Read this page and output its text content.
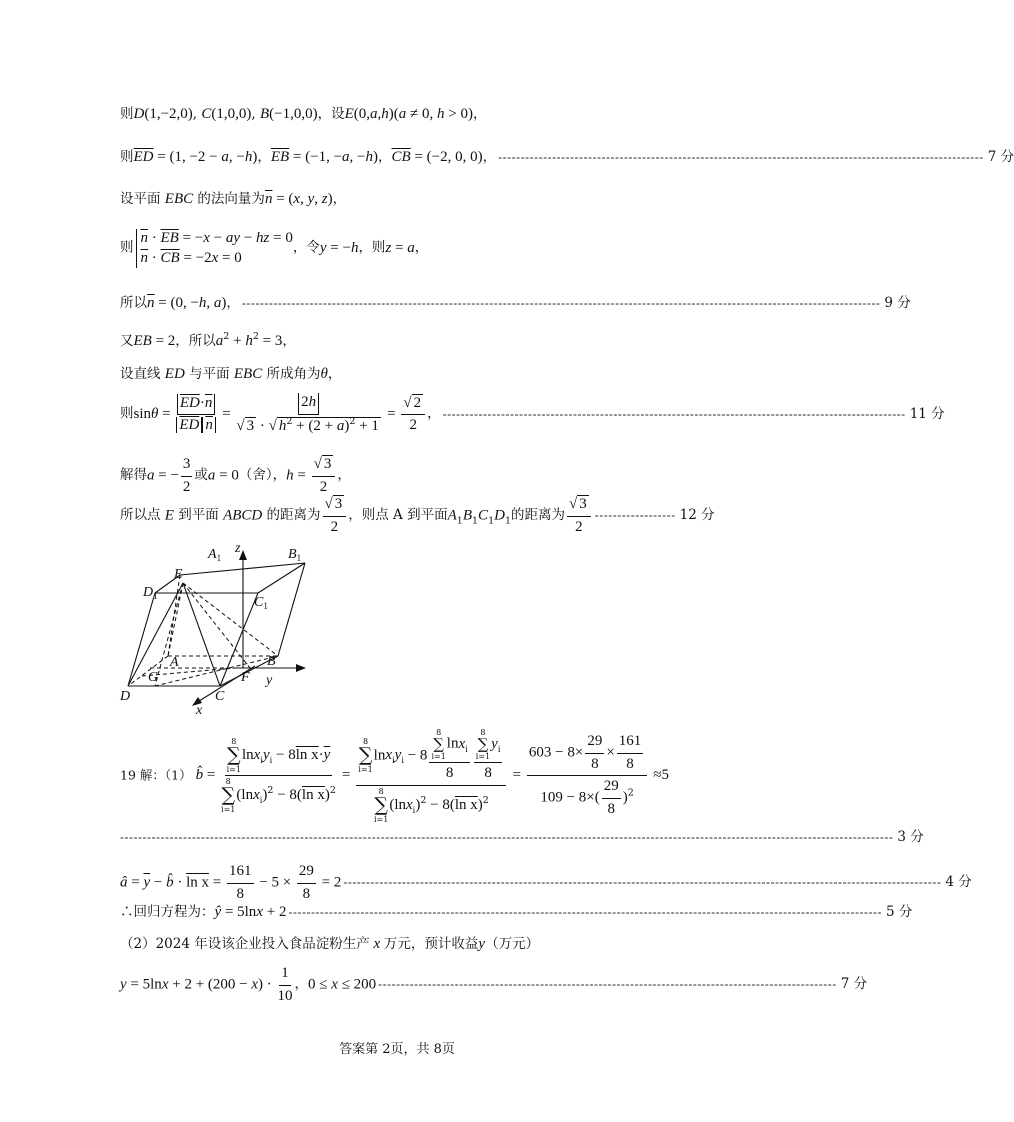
则D(1,−2,0), C(1,0,0), B(−1,0,0)，设E(0,a,h)(a ≠ 0, h > 0)，
则$\overline{ED} = (1$, −2 − a, −h)，$\overline{EB} = (-1$, −a, −h)，$\overline{CB} = (-2$, 0, 0)， ------------------------------------------------------------------------------------------------------------ 7 分
设平面 EBC 的法向量为$\overline{n} = (x$, y, z)，
则
$\overline{n} \cdot \overline{EB} = -x$ − ay − hz = 0
$\overline{n} \cdot \overline{CB} = -2x = 0$
，令y = −h，则z = a，
所以$\overline{n} = (0$, −h, a)， ---------------------------------------------------------------------------------------------------------------------------------------------- 9 分
又EB = 2，所以$a^2 + h^2 = 3$，
设直线 ED 与平面 EBC 所成角为θ，
则sinθ =
$\overline{ED}\cdot\overline{n}$
$\overline{ED}$ $\overline{n}$
= $\frac{2h}{√ 3 \cdot √ h^2 + (2 + a)^2 + 1} = \frac{√ 2}{2}$ ， ------------------------------------------------------------------------------------------------------- 11 分
解得a = − $\frac{3}{2}$ 或a = 0（舍），$h = \frac{√ 3}{2}$ ，
所以点 E 到平面 ABCD 的距离为 $\frac{√ 3}{2}$ ，则点 A 到平面$A_1B_1C_1D_1$的距离为 $\frac{√ 3}{2}$ ------------------ 12 分
$A_1$	$B_1$
$C_1$
$D_1$
E
z
A	B
G	F y
C
D
x
19 解：（1） b̂ =
8
∑
i=1
$\ln x_iy_i - 8\ln$ $x\cdot\overline{y}$
8
∑
i=1
$(\ln x_i)^2 - 8(\ln$ x)$^2$
=
8
∑
i=1
$\ln x_iy_i - 8$
8
∑
i=1
lnx$_i$
8
8
∑
i=1
$y_i$
8
8
∑
i=1
$(\ln x_i)^2 - 8(\ln$ x)$^2$
= $\frac{603 - 8\times \frac{29}{8} \times \frac{161}{8}}{109 - 8\times( \frac{29}{8} )^2} \approx 5$
---------------------------------------------------------------------------------------------------------------------------------------------------------------------------- 3 分
â = $\overline{y}$ − b̂ · $\ln x = \frac{161}{8} - 5 \times \frac{29}{8} = 2$ ------------------------------------------------------------------------------------------------------------------------------------- 4 分
∴回归方程为：ŷ = 5lnx + 2 ------------------------------------------------------------------------------------------------------------------------------------ 5 分
（2）2024 年设该企业投入食品淀粉生产 x 万元，预计收益y（万元）
$y = 5\ln x + 2 + (200 - x) \cdot \frac{1}{10}$ ，0 ≤ x ≤ 200 ------------------------------------------------------------------------------------------------------ 7 分
答案第 2页，共 8页
